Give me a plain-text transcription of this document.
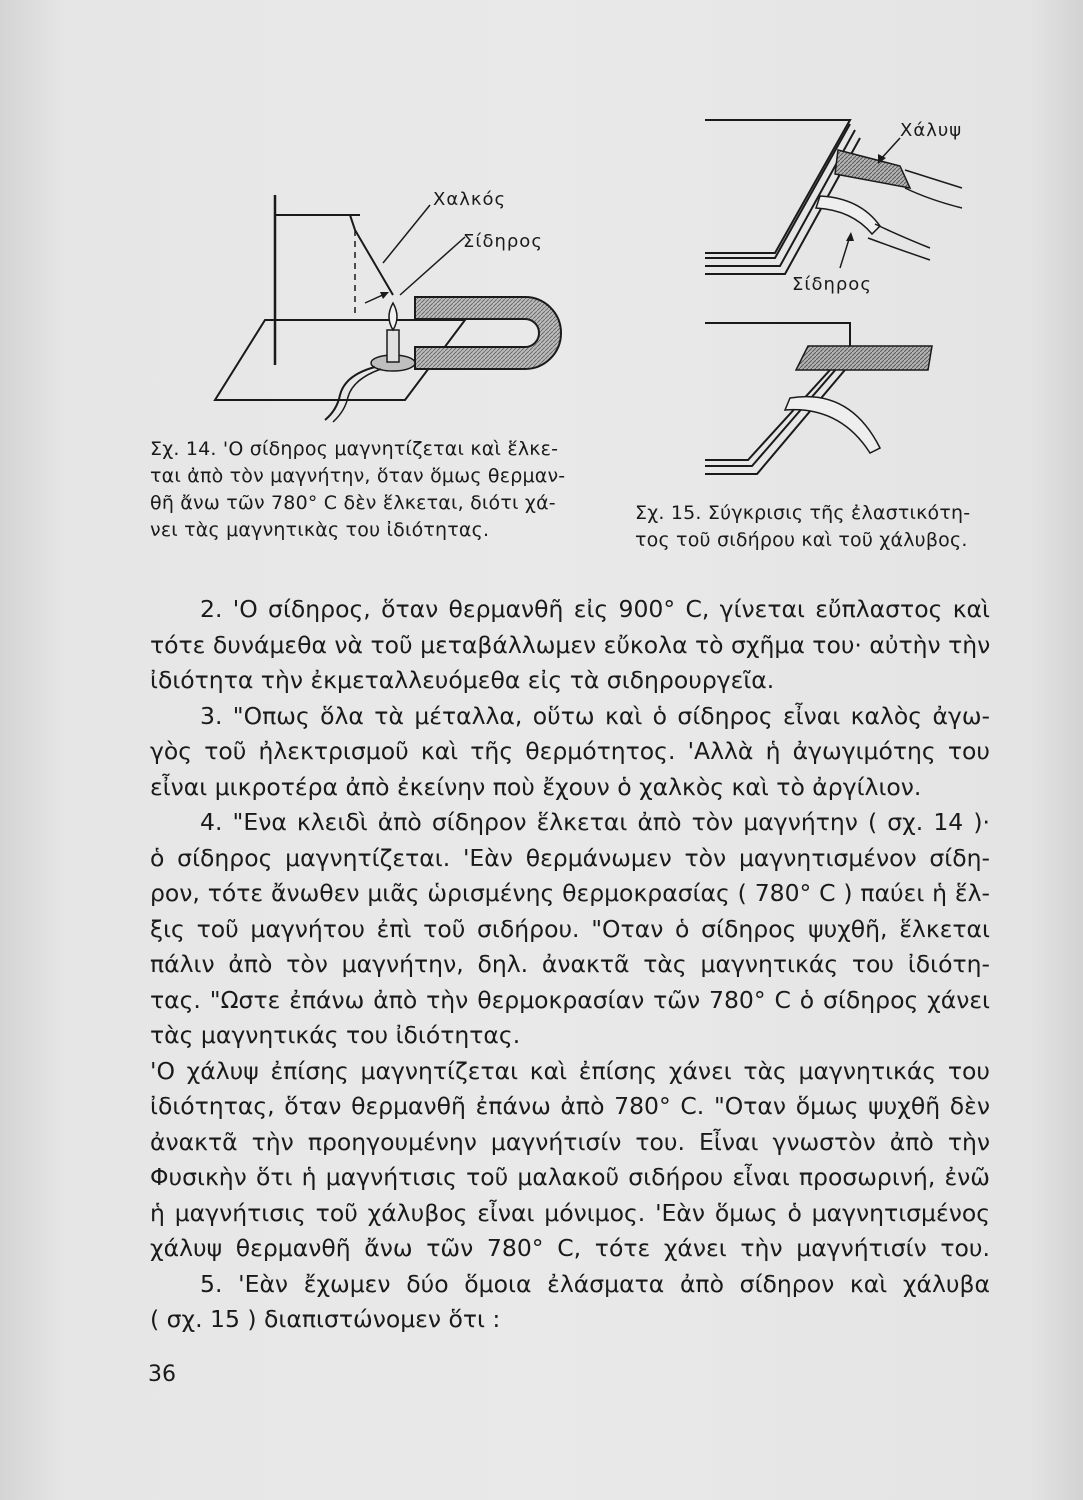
Χαλκός
Σίδηρος
Σχ. 14. 'Ο σίδηρος μαγνητίζεται καὶ ἕλκε-
ται ἀπὸ τὸν μαγνήτην, ὅταν ὅμως θερμαν-
θῆ ἄνω τῶν 780° C δὲν ἕλκεται, διότι χά-
νει τὰς μαγνητικὰς του ἰδιότητας.
Χάλυψ
Σίδηρος
Σχ. 15. Σύγκρισις τῆς ἐλαστικότη-
τος τοῦ σιδήρου καὶ τοῦ χάλυβος.
2. 'Ο σίδηρος, ὅταν θερμανθῆ εἰς 900° C, γίνεται εὔπλαστος καὶ
τότε δυνάμεθα νὰ τοῦ μεταβάλλωμεν εὔκολα τὸ σχῆμα του· αὐτὴν τὴν
ἰδιότητα τὴν ἐκμεταλλευόμεθα εἰς τὰ σιδηρουργεῖα.
3. "Οπως ὅλα τὰ μέταλλα, οὕτω καὶ ὁ σίδηρος εἶναι καλὸς ἀγω-
γὸς τοῦ ἠλεκτρισμοῦ καὶ τῆς θερμότητος. 'Αλλὰ ἡ ἀγωγιμότης του
εἶναι μικροτέρα ἀπὸ ἐκείνην ποὺ ἔχουν ὁ χαλκὸς καὶ τὸ ἀργίλιον.
4. "Ενα κλειδὶ ἀπὸ σίδηρον ἕλκεται ἀπὸ τὸν μαγνήτην ( σχ. 14 )·
ὁ σίδηρος μαγνητίζεται. 'Εὰν θερμάνωμεν τὸν μαγνητισμένον σίδη-
ρον, τότε ἄνωθεν μιᾶς ὡρισμένης θερμοκρασίας ( 780° C ) παύει ἡ ἕλ-
ξις τοῦ μαγνήτου ἐπὶ τοῦ σιδήρου. "Οταν ὁ σίδηρος ψυχθῆ, ἕλκεται
πάλιν ἀπὸ τὸν μαγνήτην, δηλ. ἀνακτᾶ τὰς μαγνητικάς του ἰδιότη-
τας. "Ωστε ἐπάνω ἀπὸ τὴν θερμοκρασίαν τῶν 780° C ὁ σίδηρος χάνει
τὰς μαγνητικάς του ἰδιότητας.
'Ο χάλυψ ἐπίσης μαγνητίζεται καὶ ἐπίσης χάνει τὰς μαγνητικάς του
ἰδιότητας, ὅταν θερμανθῆ ἐπάνω ἀπὸ 780° C. "Οταν ὅμως ψυχθῆ δὲν
ἀνακτᾶ τὴν προηγουμένην μαγνήτισίν του. Εἶναι γνωστὸν ἀπὸ τὴν
Φυσικὴν ὅτι ἡ μαγνήτισις τοῦ μαλακοῦ σιδήρου εἶναι προσωρινή, ἐνῶ
ἡ μαγνήτισις τοῦ χάλυβος εἶναι μόνιμος. 'Εὰν ὅμως ὁ μαγνητισμένος
χάλυψ θερμανθῆ ἄνω τῶν 780° C, τότε χάνει τὴν μαγνήτισίν του.
5. 'Εὰν ἔχωμεν δύο ὅμοια ἐλάσματα ἀπὸ σίδηρον καὶ χάλυβα
( σχ. 15 ) διαπιστώνομεν ὅτι :
36
